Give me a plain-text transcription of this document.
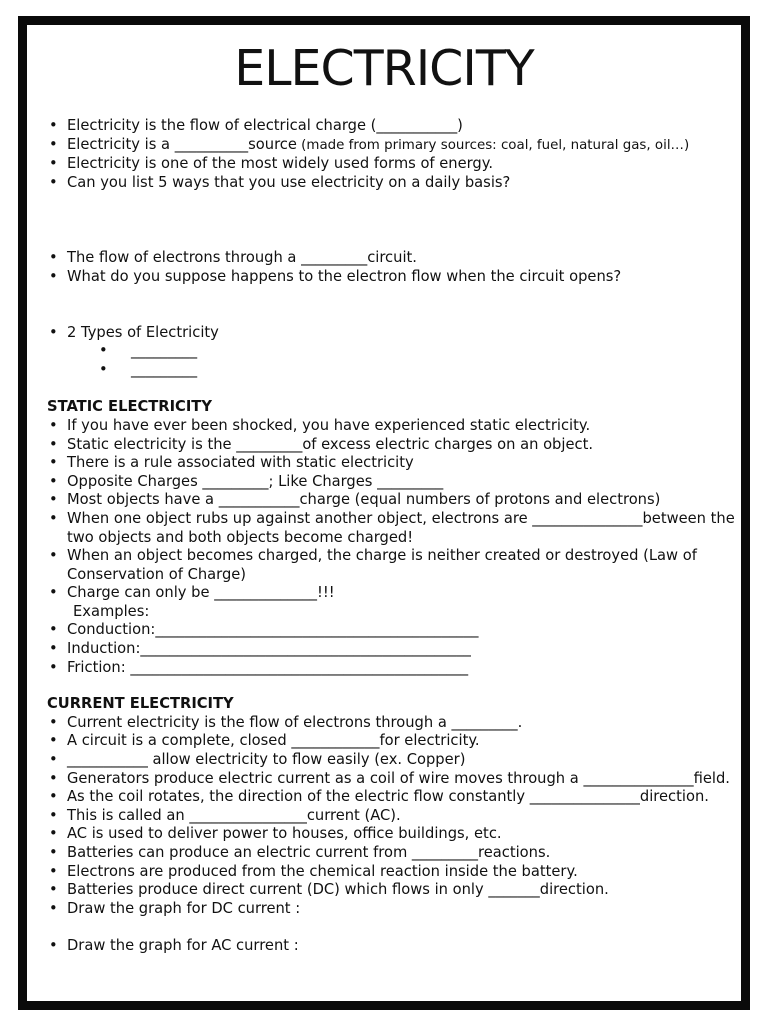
ELECTRICITY
• Electricity is the flow of electrical charge (___________)
• Electricity is a __________source (made from primary sources: coal, fuel, natural gas, oil…)
• Electricity is one of the most widely used forms of energy.
• Can you list 5 ways that you use electricity on a daily basis?
• The flow of electrons through a _________circuit.
• What do you suppose happens to the electron flow when the circuit opens?
• 2 Types of Electricity
• _________
• _________
STATIC ELECTRICITY
• If you have ever been shocked, you have experienced static electricity.
• Static electricity is the _________of excess electric charges on an object.
• There is a rule associated with static electricity
• Opposite Charges _________; Like Charges _________
• Most objects have a ___________charge (equal numbers of protons and electrons)
• When one object rubs up against another object, electrons are _______________between the two objects and both objects become charged!
• When an object becomes charged, the charge is neither created or destroyed (Law of Conservation of Charge)
• Charge can only be ______________!!!
Examples:
• Conduction:____________________________________________
• Induction:_____________________________________________
• Friction: ______________________________________________
CURRENT ELECTRICITY
• Current electricity is the flow of electrons through a _________.
• A circuit is a complete, closed ____________for electricity.
• ___________ allow electricity to flow easily (ex. Copper)
• Generators produce electric current as a coil of wire moves through a _______________field.
• As the coil rotates, the direction of the electric flow constantly _______________direction.
• This is called an ________________current (AC).
• AC is used to deliver power to houses, office buildings, etc.
• Batteries can produce an electric current from _________reactions.
• Electrons are produced from the chemical reaction inside the battery.
• Batteries produce direct current (DC) which flows in only _______direction.
• Draw the graph for DC current :
• Draw the graph for AC current :
